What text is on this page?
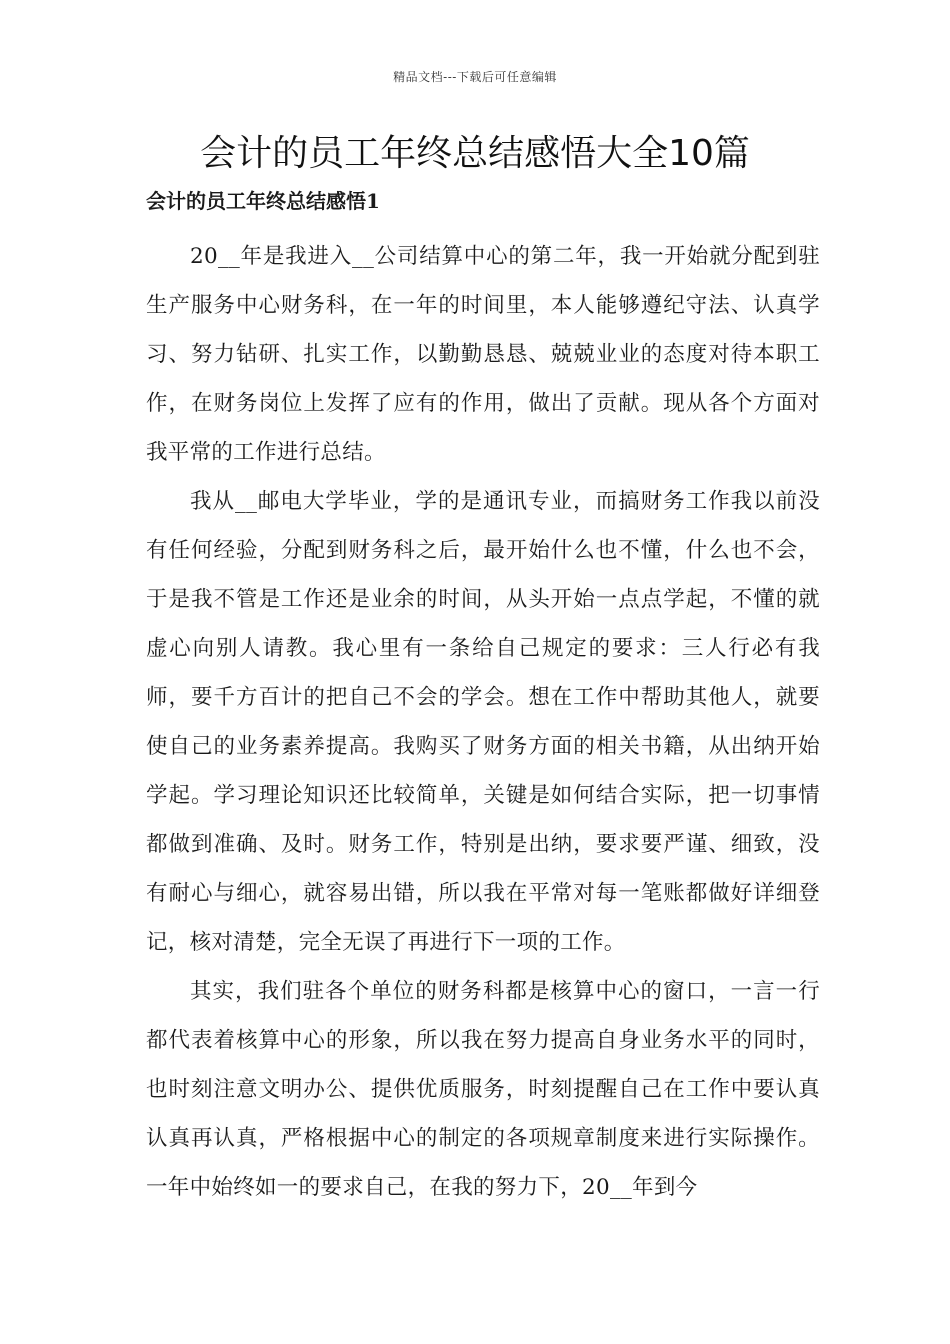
精品文档---下载后可任意编辑
会计的员工年终总结感悟大全10篇
会计的员工年终总结感悟1

20__年是我进入__公司结算中心的第二年，我一开始就分配到驻生产服务中心财务科，在一年的时间里，本人能够遵纪守法、认真学习、努力钻研、扎实工作，以勤勤恳恳、兢兢业业的态度对待本职工作，在财务岗位上发挥了应有的作用，做出了贡献。现从各个方面对我平常的工作进行总结。

我从__邮电大学毕业，学的是通讯专业，而搞财务工作我以前没有任何经验，分配到财务科之后，最开始什么也不懂，什么也不会，于是我不管是工作还是业余的时间，从头开始一点点学起，不懂的就虚心向别人请教。我心里有一条给自己规定的要求：三人行必有我师，要千方百计的把自己不会的学会。想在工作中帮助其他人，就要使自己的业务素养提高。我购买了财务方面的相关书籍，从出纳开始学起。学习理论知识还比较简单，关键是如何结合实际，把一切事情都做到准确、及时。财务工作，特别是出纳，要求要严谨、细致，没有耐心与细心，就容易出错，所以我在平常对每一笔账都做好详细登记，核对清楚，完全无误了再进行下一项的工作。

其实，我们驻各个单位的财务科都是核算中心的窗口，一言一行都代表着核算中心的形象，所以我在努力提高自身业务水平的同时，也时刻注意文明办公、提供优质服务，时刻提醒自己在工作中要认真认真再认真，严格根据中心的制定的各项规章制度来进行实际操作。一年中始终如一的要求自己，在我的努力下，20__年到今
